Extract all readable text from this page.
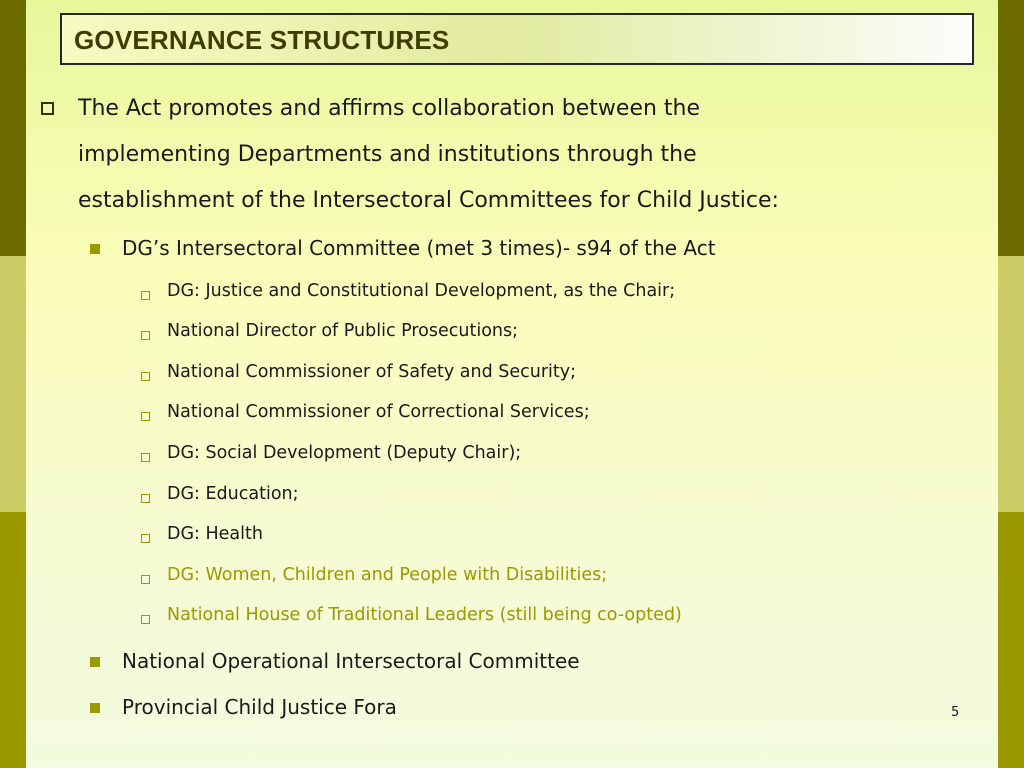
GOVERNANCE STRUCTURES
The Act promotes and affirms collaboration between the
implementing Departments and institutions through the
establishment of the Intersectoral Committees for Child Justice:
DG’s Intersectoral Committee (met 3 times)- s94 of the Act
DG: Justice and Constitutional Development, as the Chair;
National Director of Public Prosecutions;
National Commissioner of Safety and Security;
National Commissioner of Correctional Services;
DG: Social Development (Deputy Chair);
DG: Education;
DG: Health
DG: Women, Children and People with Disabilities;
National House of Traditional Leaders (still being co-opted)
National Operational Intersectoral Committee
Provincial Child Justice Fora	5
